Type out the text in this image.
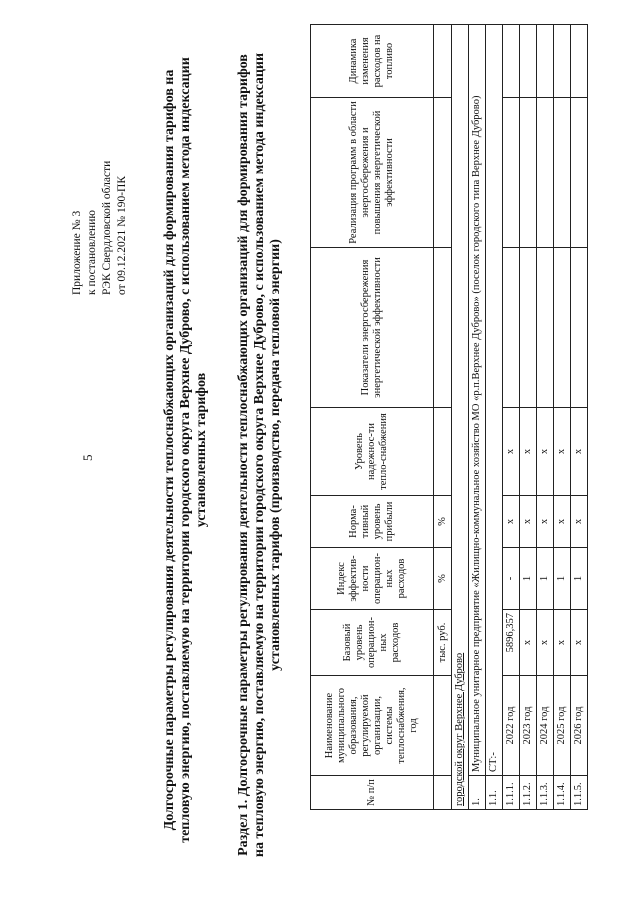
5
Приложение № 3 к постановлению РЭК Свердловской области от 09.12.2021 № 190-ПК Долгосрочные параметры регулирования деятельности теплоснабжающих организаций для формирования тарифов на тепловую энергию, поставляемую на территории городского округа Верхнее Дуброво, с использованием метода индексации установленных тарифов Раздел 1. Долгосрочные параметры регулирования деятельности теплоснабжающих организаций для формирования тарифов на тепловую энергию, поставляемую на территории городского округа Верхнее Дуброво, с использованием метода индексации установленных тарифов (производство, передача тепловой энергии)
№ п/п	Наименование муниципального образования, регулируемой организации, системы теплоснабжения, год	Базовый уровень операцион-ных расходов	Индекс эффектив-ности операцион-ных расходов	Норма-тивный уровень прибыли	Уровень надежнос-ти тепло-снабжения	Показатели энергосбережения энергетической эффективности	Реализация программ в области энергосбережения и повышения энергетической эффективности	Динамика изменения расходов на топливо
		тыс. руб.	%	%				
городской округ Верхнее Дуброво								
1.	Муниципальное унитарное предприятие «Жилищно-коммунальное хозяйство МО «р.п.Верхнее Дуброво» (поселок городского типа Верхнее Дуброво)							
1.1.	СТ:-							
1.1.1.	2022 год	5896,357	-	х	х			
1.1.2.	2023 год	х	1	х	х			
1.1.3.	2024 год	х	1	х	х			
1.1.4.	2025 год	х	1	х	х			
1.1.5.	2026 год	х	1	х	х			
